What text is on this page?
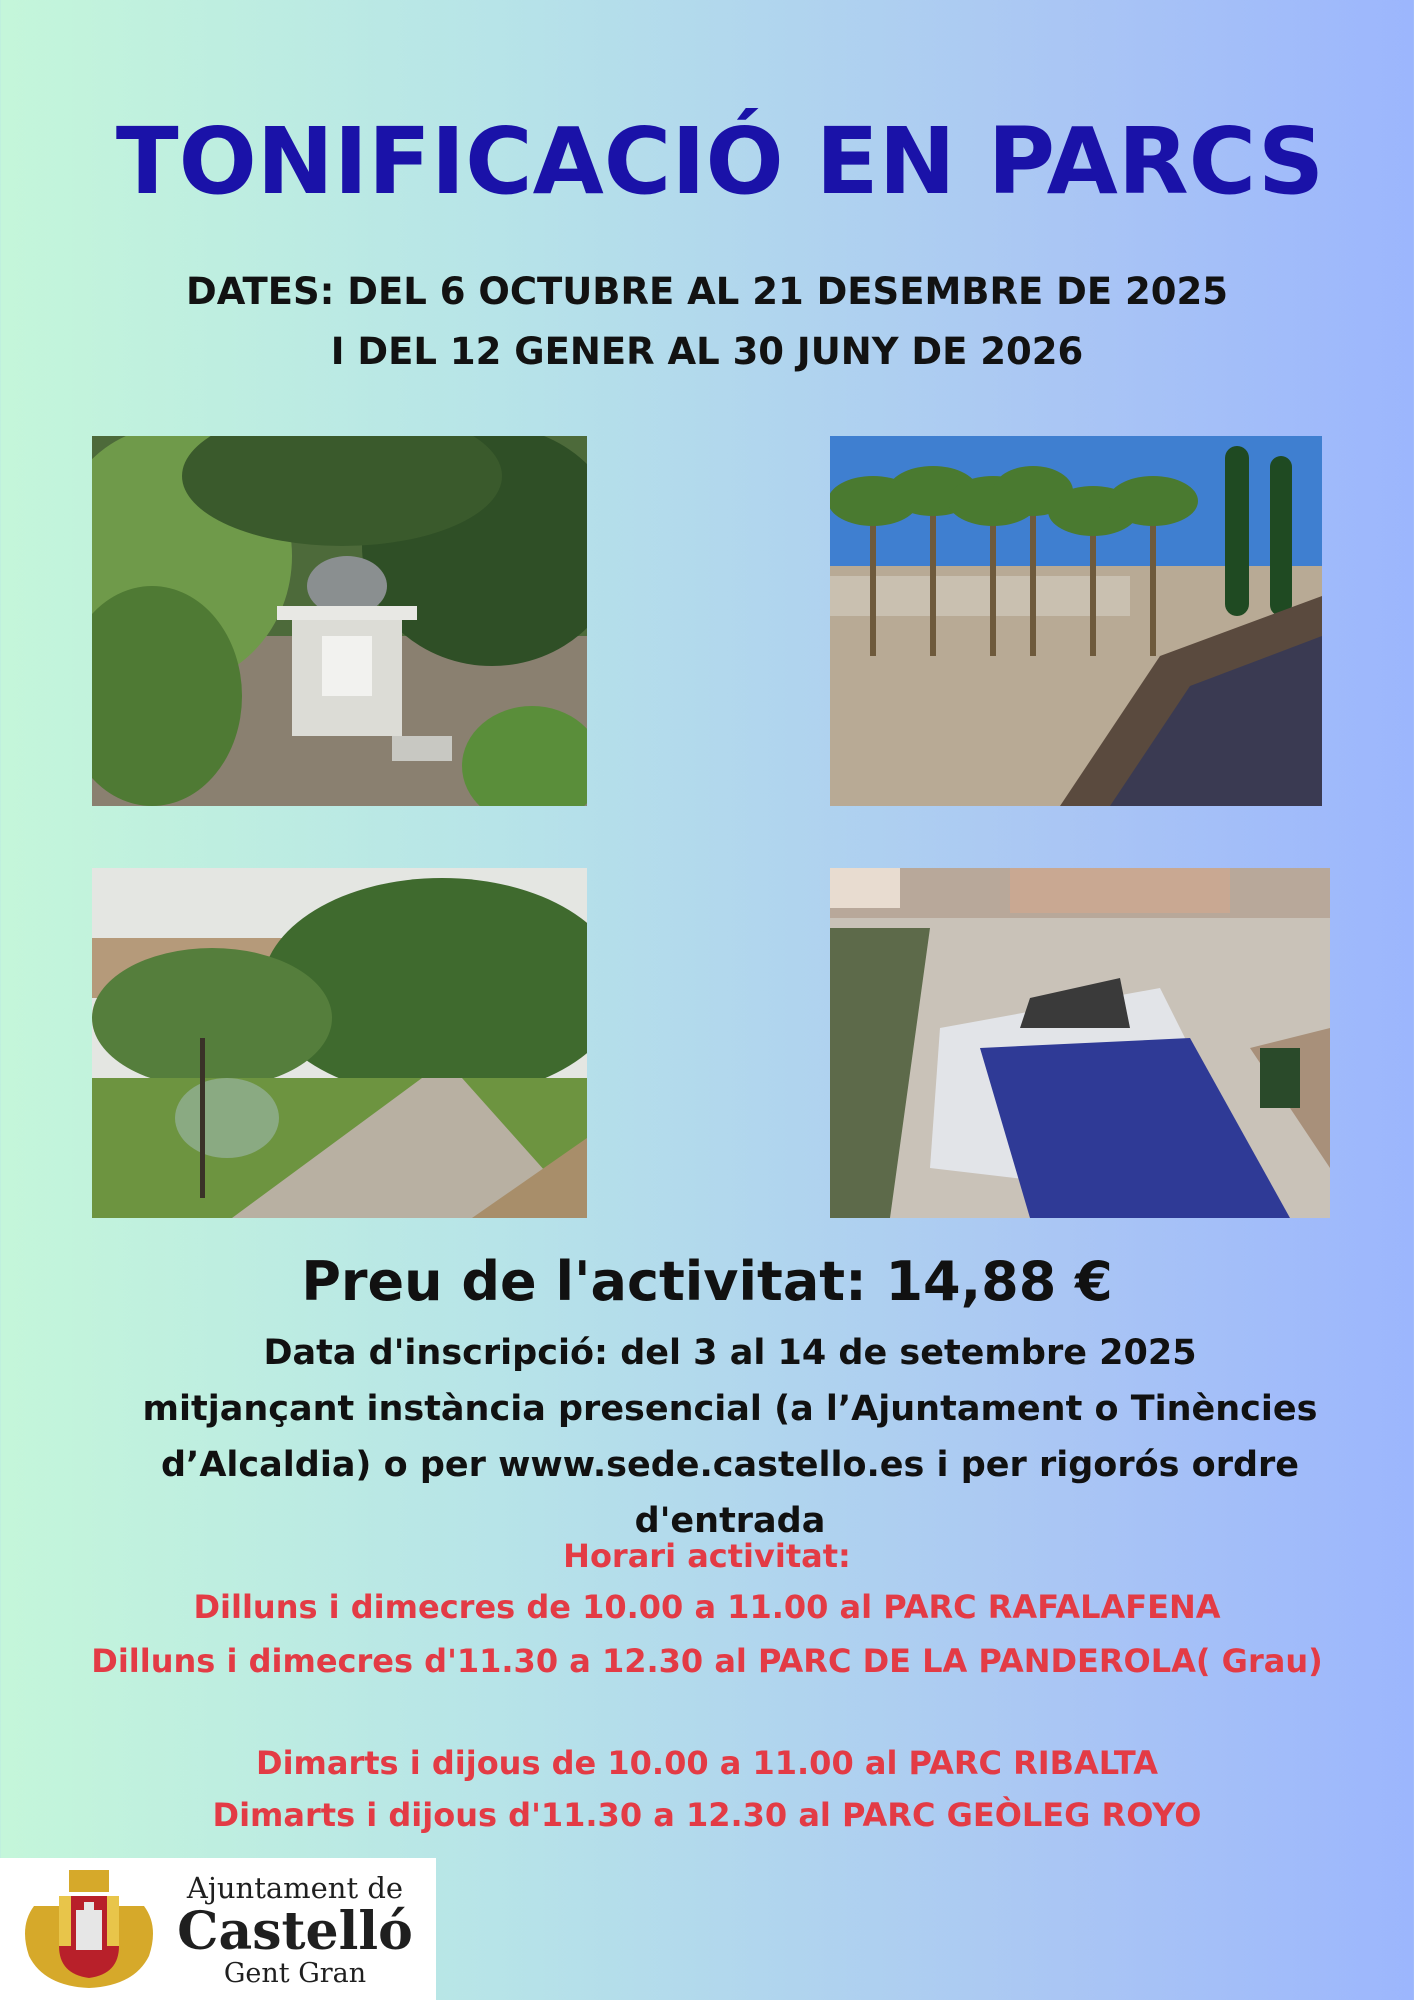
TONIFICACIÓ EN PARCS
DATES: DEL 6 OCTUBRE AL 21 DESEMBRE DE 2025
I DEL 12 GENER AL 30 JUNY DE 2026
Preu de l'activitat: 14,88 €
Data d'inscripció: del 3 al 14 de setembre 2025
mitjançant instància presencial (a l’Ajuntament o Tinències
d’Alcaldia) o per www.sede.castello.es i per rigorós ordre
d'entrada
Horari activitat:
Dilluns i dimecres de 10.00 a 11.00 al PARC RAFALAFENA
Dilluns i dimecres d'11.30 a 12.30 al PARC DE LA PANDEROLA( Grau)
Dimarts i dijous de 10.00 a 11.00 al PARC RIBALTA
Dimarts i dijous d'11.30 a 12.30 al PARC GEÒLEG ROYO
Ajuntament de
Castelló
Gent Gran
